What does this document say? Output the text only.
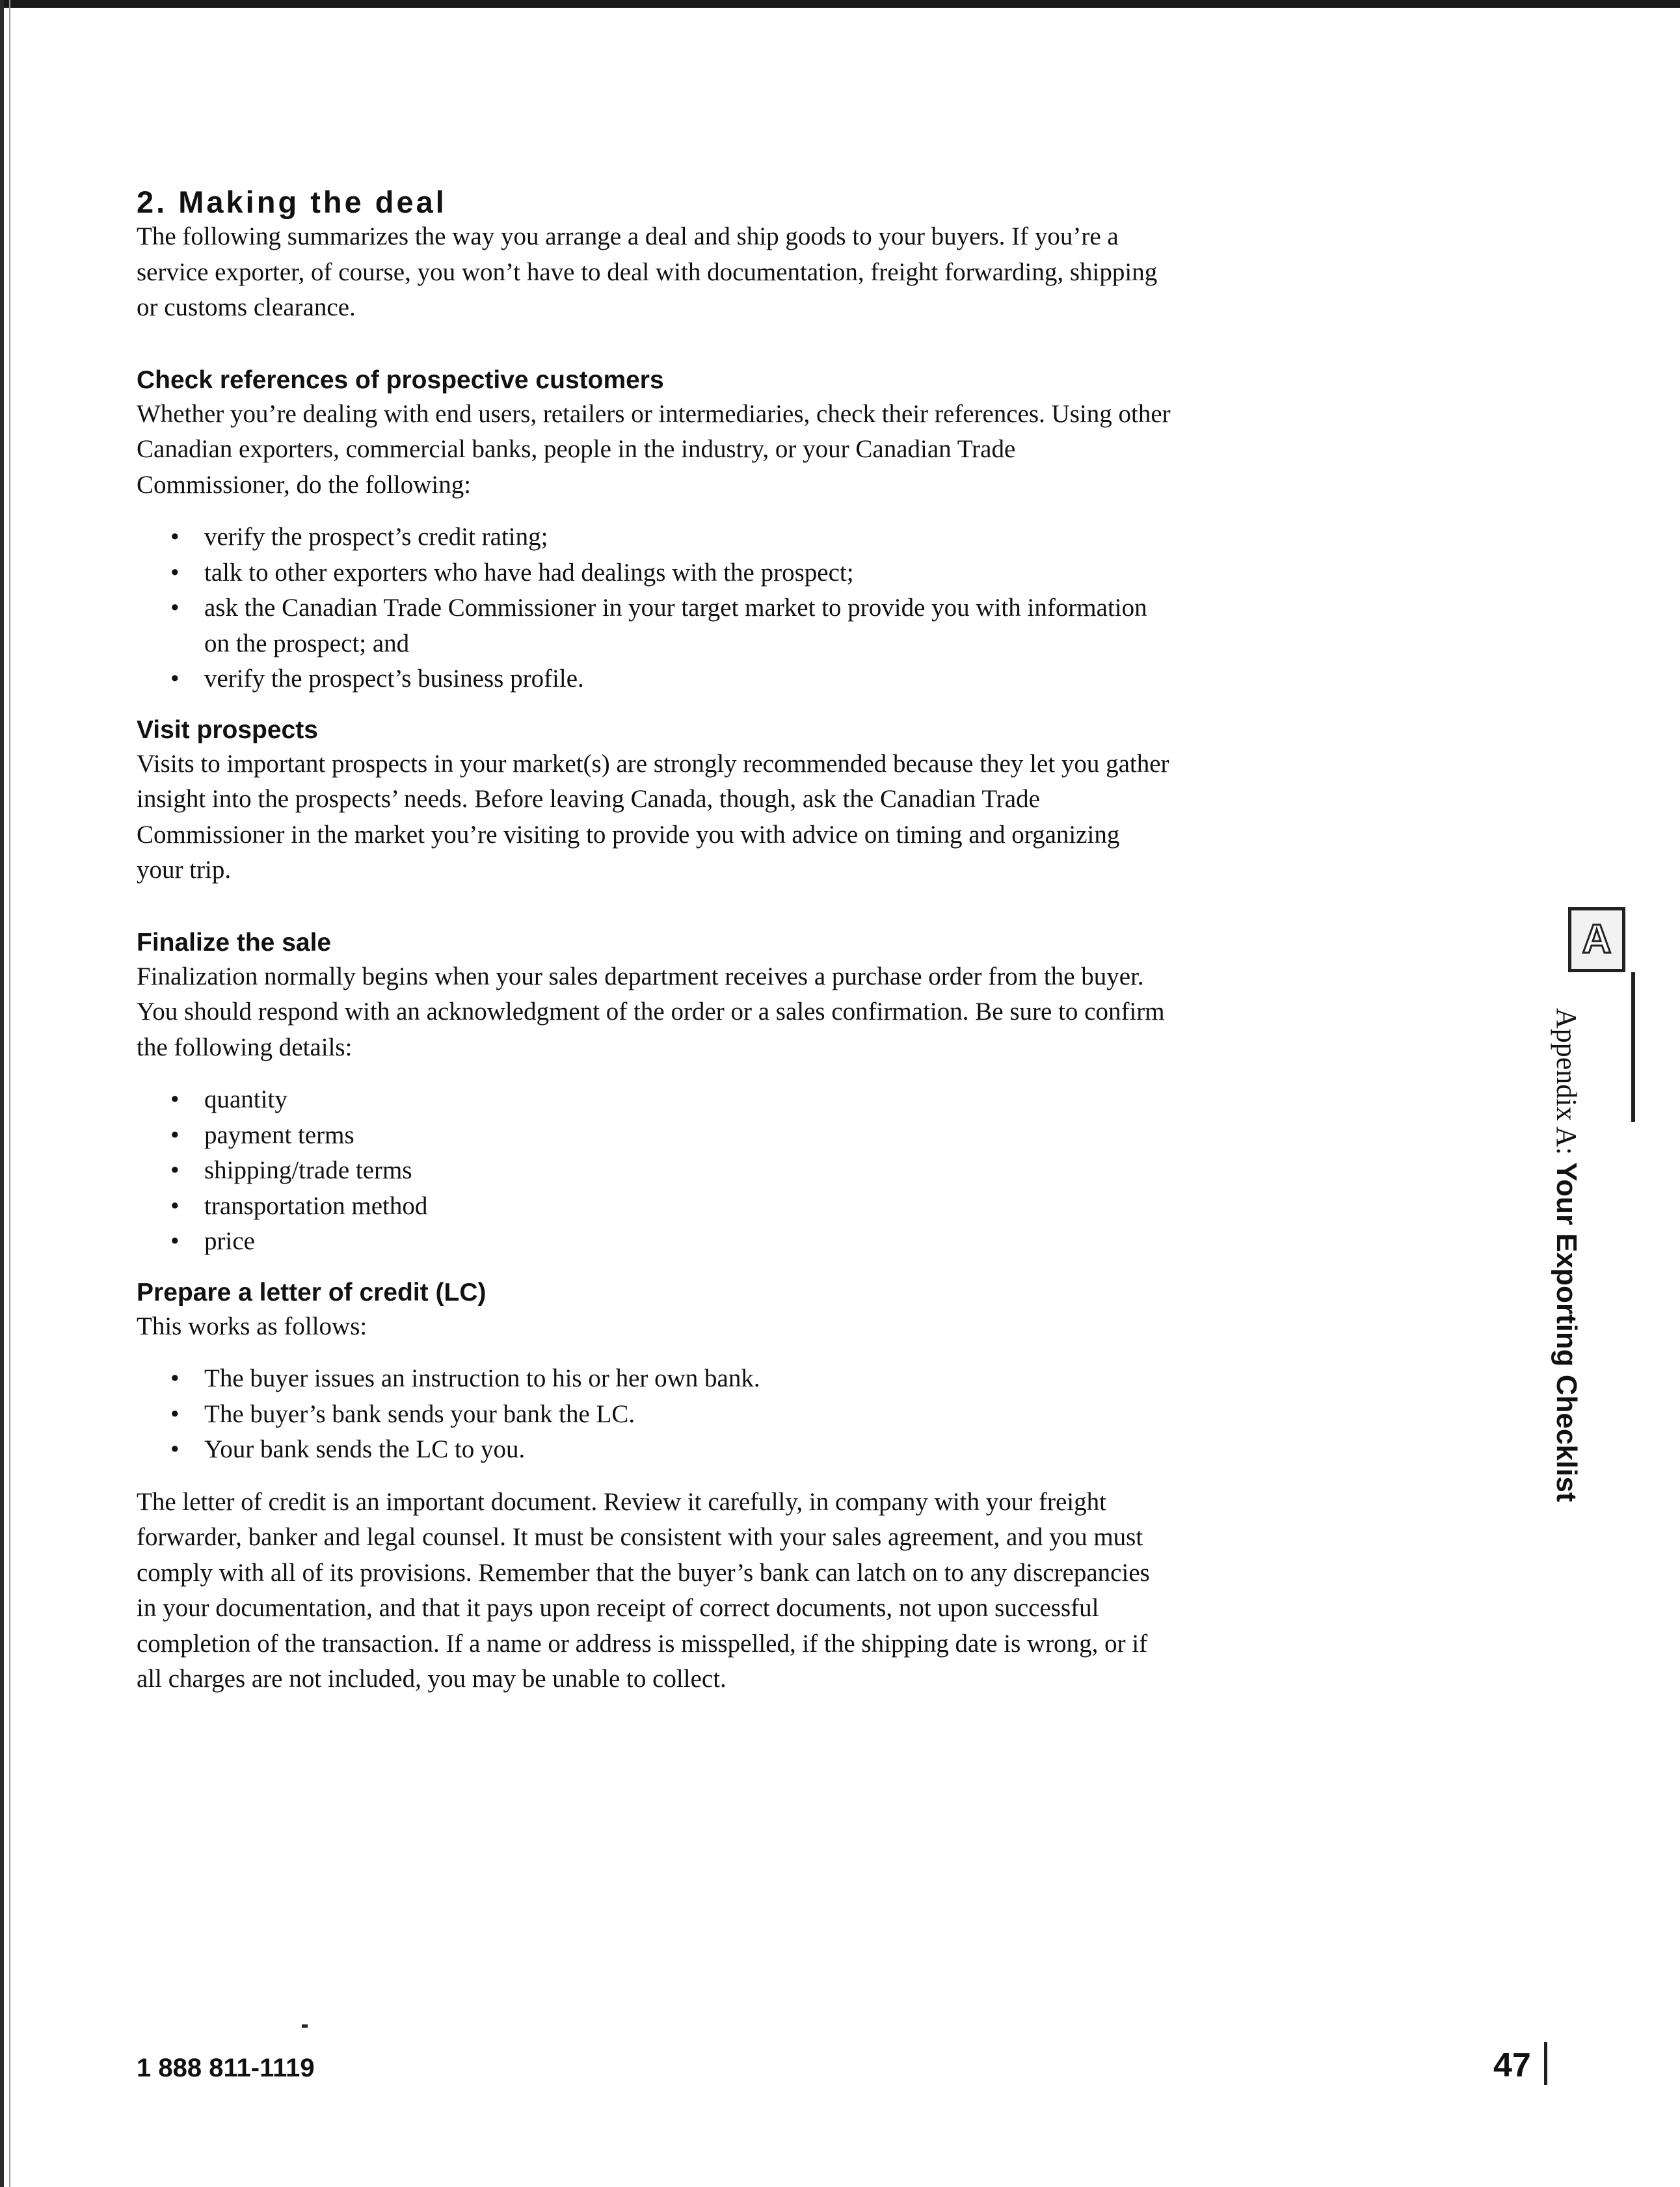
2. Making the deal

The following summarizes the way you arrange a deal and ship goods to your buyers. If you’re a service exporter, of course, you won’t have to deal with documentation, freight forwarding, shipping or customs clearance.

Check references of prospective customers

Whether you’re dealing with end users, retailers or intermediaries, check their references. Using other Canadian exporters, commercial banks, people in the industry, or your Canadian Trade Commissioner, do the following:

• verify the prospect’s credit rating;
• talk to other exporters who have had dealings with the prospect;
• ask the Canadian Trade Commissioner in your target market to provide you with information on the prospect; and
• verify the prospect’s business profile.
Visit prospects

Visits to important prospects in your market(s) are strongly recommended because they let you gather insight into the prospects’ needs. Before leaving Canada, though, ask the Canadian Trade Commissioner in the market you’re visiting to provide you with advice on timing and organizing your trip.

Finalize the sale

Finalization normally begins when your sales department receives a purchase order from the buyer. You should respond with an acknowledgment of the order or a sales confirmation. Be sure to confirm the following details:

• quantity
• payment terms
• shipping/trade terms
• transportation method
• price
Prepare a letter of credit (LC)

This works as follows:

• The buyer issues an instruction to his or her own bank.
• The buyer’s bank sends your bank the LC.
• Your bank sends the LC to you.

The letter of credit is an important document. Review it carefully, in company with your freight forwarder, banker and legal counsel. It must be consistent with your sales agreement, and you must comply with all of its provisions. Remember that the buyer’s bank can latch on to any discrepancies in your documentation, and that it pays upon receipt of correct documents, not upon successful completion of the transaction. If a name or address is misspelled, if the shipping date is wrong, or if all charges are not included, you may be unable to collect.

A
Appendix A: Your Exporting Checklist
1 888 811-1119	47
